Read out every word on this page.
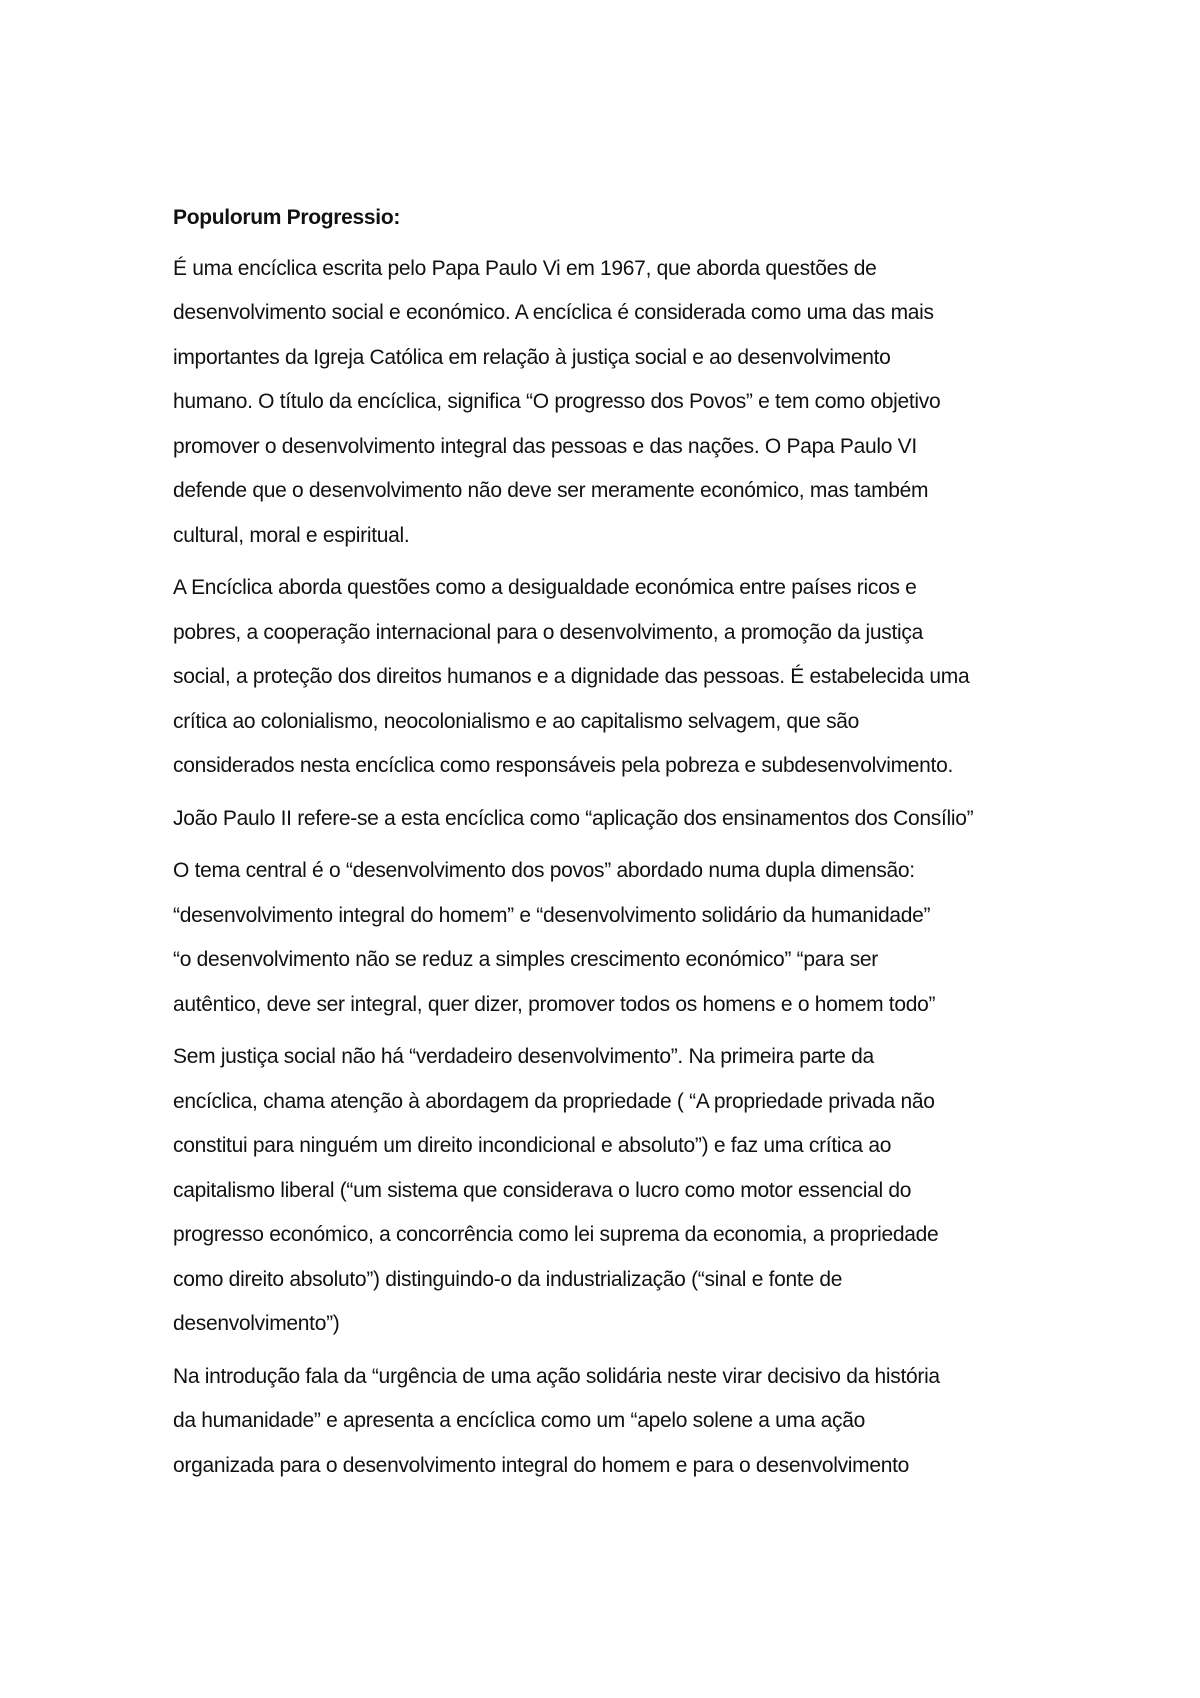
Populorum Progressio:
É uma encíclica escrita pelo Papa Paulo Vi em 1967, que aborda questões de
desenvolvimento social e económico. A encíclica é considerada como uma das mais
importantes da Igreja Católica em relação à justiça social e ao desenvolvimento
humano. O título da encíclica, significa “O progresso dos Povos” e tem como objetivo
promover o desenvolvimento integral das pessoas e das nações. O Papa Paulo VI
defende que o desenvolvimento não deve ser meramente económico, mas também
cultural, moral e espiritual.
A Encíclica aborda questões como a desigualdade económica entre países ricos e
pobres, a cooperação internacional para o desenvolvimento, a promoção da justiça
social, a proteção dos direitos humanos e a dignidade das pessoas. É estabelecida uma
crítica ao colonialismo, neocolonialismo e ao capitalismo selvagem, que são
considerados nesta encíclica como responsáveis pela pobreza e subdesenvolvimento.
João Paulo II refere-se a esta encíclica como “aplicação dos ensinamentos dos Consílio”
O tema central é o “desenvolvimento dos povos” abordado numa dupla dimensão:
“desenvolvimento integral do homem” e “desenvolvimento solidário da humanidade”
“o desenvolvimento não se reduz a simples crescimento económico” “para ser
autêntico, deve ser integral, quer dizer, promover todos os homens e o homem todo”
Sem justiça social não há “verdadeiro desenvolvimento”. Na primeira parte da
encíclica, chama atenção à abordagem da propriedade ( “A propriedade privada não
constitui para ninguém um direito incondicional e absoluto”) e faz uma crítica ao
capitalismo liberal (“um sistema que considerava o lucro como motor essencial do
progresso económico, a concorrência como lei suprema da economia, a propriedade
como direito absoluto”) distinguindo-o da industrialização (“sinal e fonte de
desenvolvimento”)
Na introdução fala da “urgência de uma ação solidária neste virar decisivo da história
da humanidade” e apresenta a encíclica como um “apelo solene a uma ação
organizada para o desenvolvimento integral do homem e para o desenvolvimento
